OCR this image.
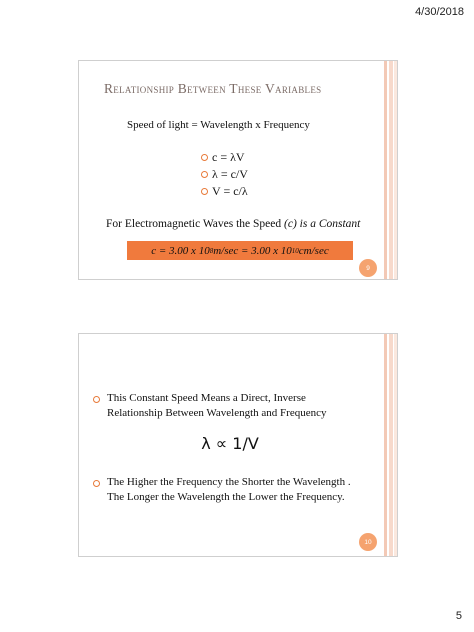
4/30/2018
Relationship Between These Variables
Speed of light = Wavelength x Frequency
c = λV
λ = c/V
V = c/λ
For Electromagnetic Waves the Speed (c) is a Constant
c = 3.00 x 10 8 m/sec = 3.00 x 10 10 cm/sec
9
This Constant Speed Means a Direct, Inverse Relationship Between Wavelength and Frequency
λ ∝ 1/V
The Higher the Frequency the Shorter the Wavelength . The Longer the Wavelength the Lower the Frequency.
10
5
